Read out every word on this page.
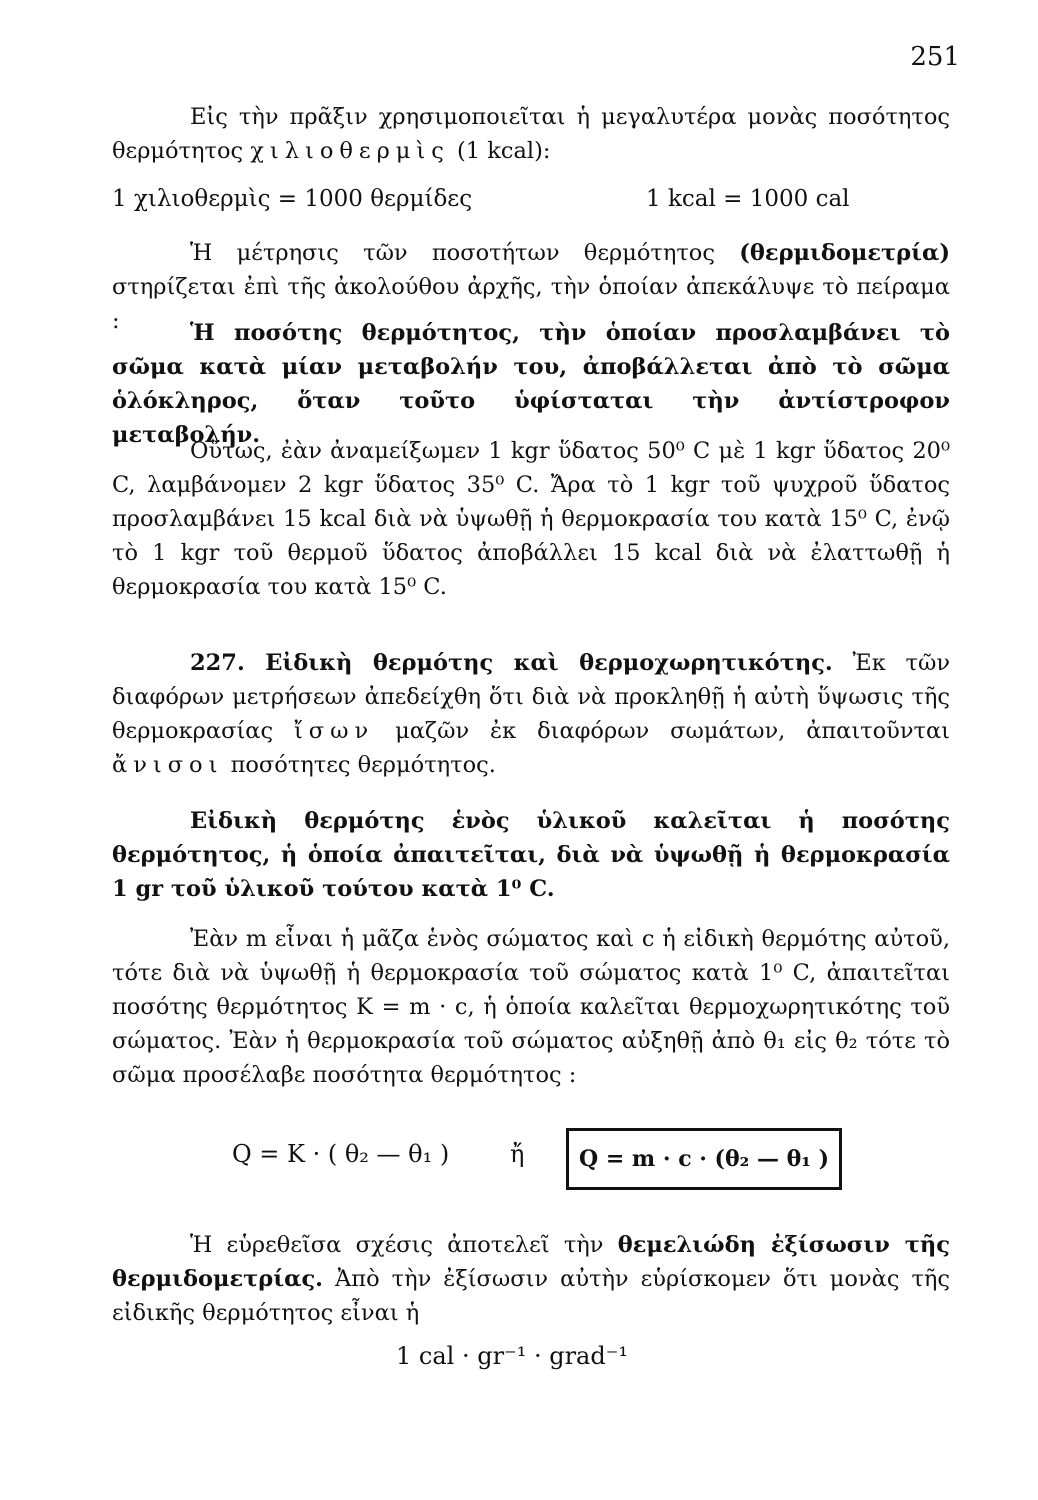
251
Εἰς τὴν πρᾶξιν χρησιμοποιεῖται ἡ μεγαλυτέρα μονὰς ποσότητος θερμότητος χιλιοθερμὶς (1 kcal):
1 χιλιοθερμὶς = 1000 θερμίδες	1 kcal = 1000 cal
Ἡ μέτρησις τῶν ποσοτήτων θερμότητος (θερμιδομετρία) στηρίζεται ἐπὶ τῆς ἀκολούθου ἀρχῆς, τὴν ὁποίαν ἀπεκάλυψε τὸ πείραμα :	Ἡ ποσότης θερμότητος, τὴν ὁποίαν προσλαμβάνει τὸ σῶμα κατὰ μίαν μεταβολήν του, ἀποβάλλεται ἀπὸ τὸ σῶμα ὁλόκληρος, ὅταν τοῦτο ὑφίσταται τὴν ἀντίστροφον μεταβολήν.
Οὕτως, ἐὰν ἀναμείξωμεν 1 kgr ὕδατος 50⁰ C μὲ 1 kgr ὕδατος 20⁰ C, λαμβάνομεν 2 kgr ὕδατος 35⁰ C. Ἄρα τὸ 1 kgr τοῦ ψυχροῦ ὕδατος προσλαμβάνει 15 kcal διὰ νὰ ὑψωθῇ ἡ θερμοκρασία του κατὰ 15⁰ C, ἐνῷ τὸ 1 kgr τοῦ θερμοῦ ὕδατος ἀποβάλλει 15 kcal διὰ νὰ ἐλαττωθῇ ἡ θερμοκρασία του κατὰ 15⁰ C.
227. Εἰδικὴ θερμότης καὶ θερμοχωρητικότης. Ἐκ τῶν διαφόρων μετρήσεων ἀπεδείχθη ὅτι διὰ νὰ προκληθῇ ἡ αὐτὴ ὕψωσις τῆς θερμοκρασίας ἴσων μαζῶν ἐκ διαφόρων σωμάτων, ἀπαιτοῦνται ἄνισοι ποσότητες θερμότητος.
Εἰδικὴ θερμότης ἑνὸς ὑλικοῦ καλεῖται ἡ ποσότης θερμότητος, ἡ ὁποία ἀπαιτεῖται, διὰ νὰ ὑψωθῇ ἡ θερμοκρασία 1 gr τοῦ ὑλικοῦ τούτου κατὰ 1⁰ C.
Ἐὰν m εἶναι ἡ μᾶζα ἑνὸς σώματος καὶ c ἡ εἰδικὴ θερμότης αὐτοῦ, τότε διὰ νὰ ὑψωθῇ ἡ θερμοκρασία τοῦ σώματος κατὰ 1⁰ C, ἀπαιτεῖται ποσότης θερμότητος K = m · c, ἡ ὁποία καλεῖται θερμοχωρητικότης τοῦ σώματος. Ἐὰν ἡ θερμοκρασία τοῦ σώματος αὐξηθῇ ἀπὸ θ₁ εἰς θ₂ τότε τὸ σῶμα προσέλαβε ποσότητα θερμότητος :
Q = K · ( θ₂ — θ₁ )	ἤ Q = m · c · (θ₂ — θ₁ )
Ἡ εὑρεθεῖσα σχέσις ἀποτελεῖ τὴν θεμελιώδη ἐξίσωσιν τῆς θερμιδομετρίας. Ἀπὸ τὴν ἐξίσωσιν αὐτὴν εὑρίσκομεν ὅτι μονὰς τῆς εἰδικῆς θερμότητος εἶναι ἡ
1 cal · gr⁻¹ · grad⁻¹
